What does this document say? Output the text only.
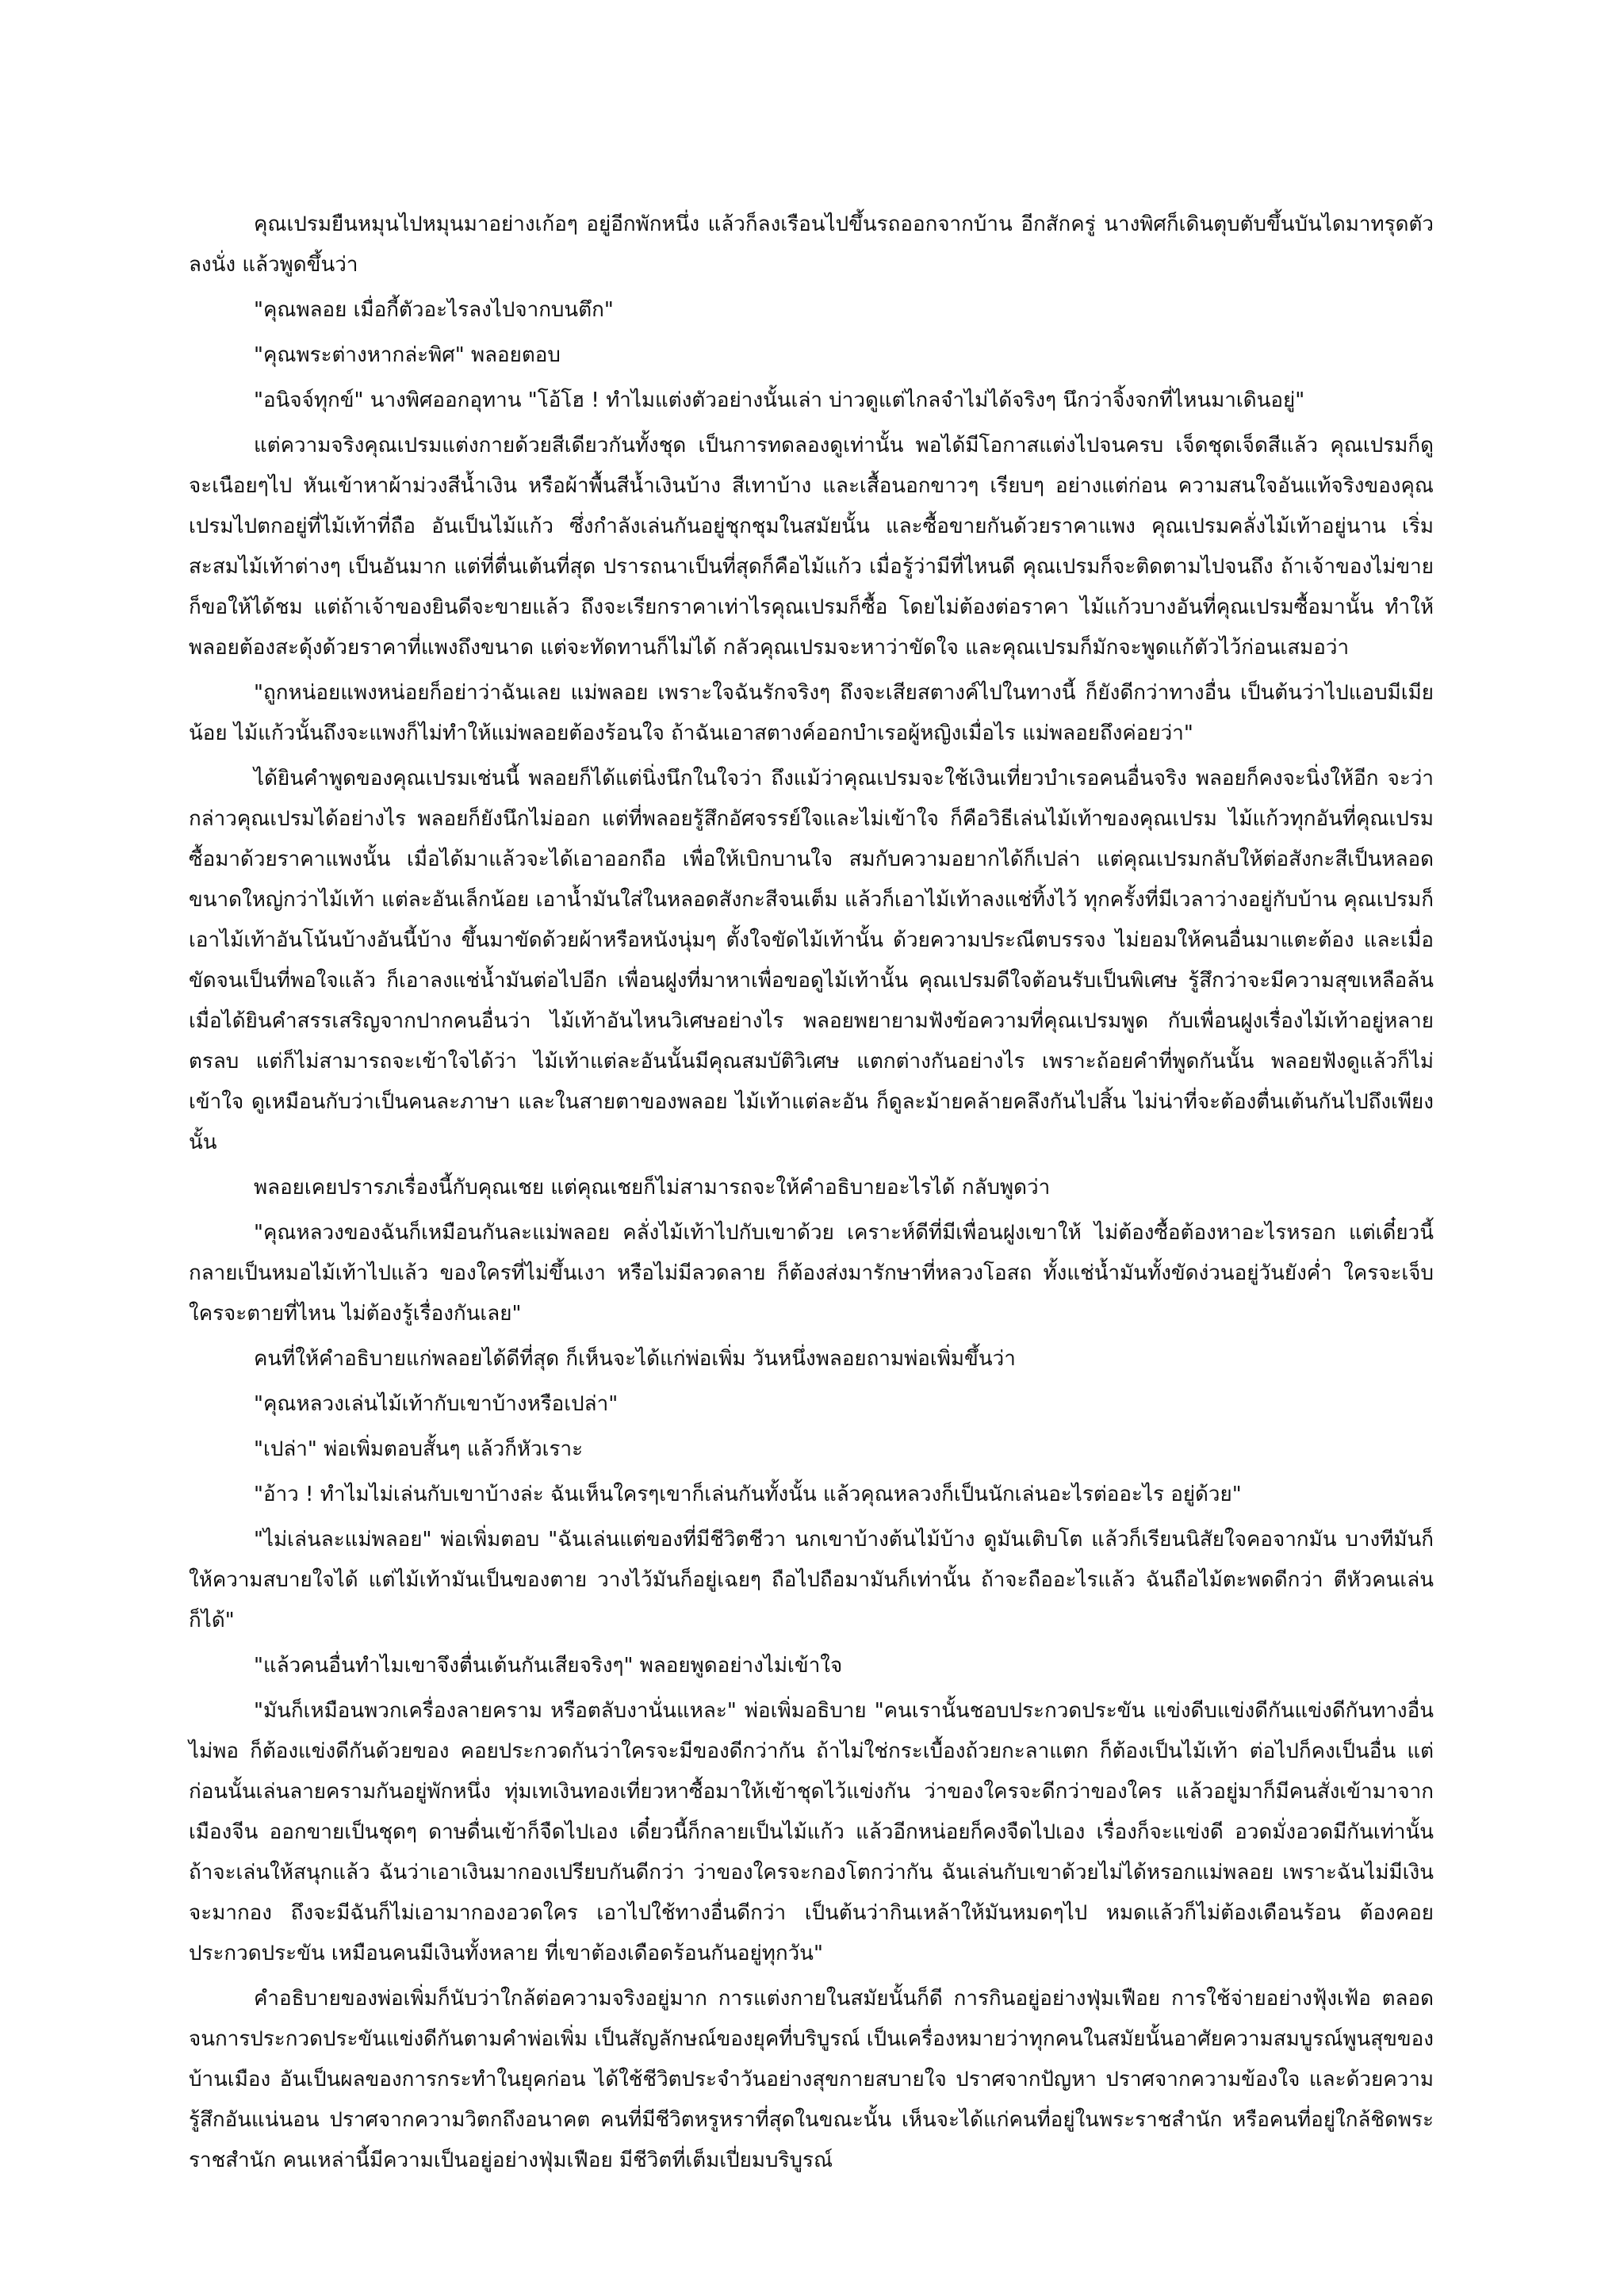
คุณเปรมยืนหมุนไปหมุนมาอย่างเก้อๆ อยู่อีกพักหนึ่ง แล้วก็ลงเรือนไปขึ้นรถออกจากบ้าน อีกสักครู่ นางพิศก็เดินตุบตับขึ้นบันไดมาทรุดตัวลงนั่ง แล้วพูดขึ้นว่า

"คุณพลอย เมื่อกี้ตัวอะไรลงไปจากบนตึก"

"คุณพระต่างหากล่ะพิศ" พลอยตอบ

"อนิจจ์ทุกข์" นางพิศออกอุทาน "โอ้โฮ ! ทำไมแต่งตัวอย่างนั้นเล่า บ่าวดูแต่ไกลจำไม่ได้จริงๆ นึกว่าจิ้งจกที่ไหนมาเดินอยู่"

แต่ความจริงคุณเปรมแต่งกายด้วยสีเดียวกันทั้งชุด เป็นการทดลองดูเท่านั้น พอได้มีโอกาสแต่งไปจนครบ เจ็ดชุดเจ็ดสีแล้ว คุณเปรมก็ดูจะเนือยๆไป หันเข้าหาผ้าม่วงสีน้ำเงิน หรือผ้าพื้นสีน้ำเงินบ้าง สีเทาบ้าง และเสื้อนอกขาวๆ เรียบๆ อย่างแต่ก่อน ความสนใจอันแท้จริงของคุณเปรมไปตกอยู่ที่ไม้เท้าที่ถือ อันเป็นไม้แก้ว ซึ่งกำลังเล่นกันอยู่ชุกชุมในสมัยนั้น และซื้อขายกันด้วยราคาแพง คุณเปรมคลั่งไม้เท้าอยู่นาน เริ่มสะสมไม้เท้าต่างๆ เป็นอันมาก แต่ที่ตื่นเต้นที่สุด ปรารถนาเป็นที่สุดก็คือไม้แก้ว เมื่อรู้ว่ามีที่ไหนดี คุณเปรมก็จะติดตามไปจนถึง ถ้าเจ้าของไม่ขายก็ขอให้ได้ชม แต่ถ้าเจ้าของยินดีจะขายแล้ว ถึงจะเรียกราคาเท่าไรคุณเปรมก็ซื้อ โดยไม่ต้องต่อราคา ไม้แก้วบางอันที่คุณเปรมซื้อมานั้น ทำให้พลอยต้องสะดุ้งด้วยราคาที่แพงถึงขนาด แต่จะทัดทานก็ไม่ได้ กลัวคุณเปรมจะหาว่าขัดใจ และคุณเปรมก็มักจะพูดแก้ตัวไว้ก่อนเสมอว่า

"ถูกหน่อยแพงหน่อยก็อย่าว่าฉันเลย แม่พลอย เพราะใจฉันรักจริงๆ ถึงจะเสียสตางค์ไปในทางนี้ ก็ยังดีกว่าทางอื่น เป็นต้นว่าไปแอบมีเมียน้อย ไม้แก้วนั้นถึงจะแพงก็ไม่ทำให้แม่พลอยต้องร้อนใจ ถ้าฉันเอาสตางค์ออกบำเรอผู้หญิงเมื่อไร แม่พลอยถึงค่อยว่า"

ได้ยินคำพูดของคุณเปรมเช่นนี้ พลอยก็ได้แต่นิ่งนึกในใจว่า ถึงแม้ว่าคุณเปรมจะใช้เงินเที่ยวบำเรอคนอื่นจริง พลอยก็คงจะนิ่งให้อีก จะว่ากล่าวคุณเปรมได้อย่างไร พลอยก็ยังนึกไม่ออก แต่ที่พลอยรู้สึกอัศจรรย์ใจและไม่เข้าใจ ก็คือวิธีเล่นไม้เท้าของคุณเปรม ไม้แก้วทุกอันที่คุณเปรมซื้อมาด้วยราคาแพงนั้น เมื่อได้มาแล้วจะได้เอาออกถือ เพื่อให้เบิกบานใจ สมกับความอยากได้ก็เปล่า แต่คุณเปรมกลับให้ต่อสังกะสีเป็นหลอด ขนาดใหญ่กว่าไม้เท้า แต่ละอันเล็กน้อย เอาน้ำมันใส่ในหลอดสังกะสีจนเต็ม แล้วก็เอาไม้เท้าลงแช่ทิ้งไว้ ทุกครั้งที่มีเวลาว่างอยู่กับบ้าน คุณเปรมก็เอาไม้เท้าอันโน้นบ้างอันนี้บ้าง ขึ้นมาขัดด้วยผ้าหรือหนังนุ่มๆ ตั้งใจขัดไม้เท้านั้น ด้วยความประณีตบรรจง ไม่ยอมให้คนอื่นมาแตะต้อง และเมื่อขัดจนเป็นที่พอใจแล้ว ก็เอาลงแช่น้ำมันต่อไปอีก เพื่อนฝูงที่มาหาเพื่อขอดูไม้เท้านั้น คุณเปรมดีใจต้อนรับเป็นพิเศษ รู้สึกว่าจะมีความสุขเหลือล้น เมื่อได้ยินคำสรรเสริญจากปากคนอื่นว่า ไม้เท้าอันไหนวิเศษอย่างไร พลอยพยายามฟังข้อความที่คุณเปรมพูด กับเพื่อนฝูงเรื่องไม้เท้าอยู่หลายตรลบ แต่ก็ไม่สามารถจะเข้าใจได้ว่า ไม้เท้าแต่ละอันนั้นมีคุณสมบัติวิเศษ แตกต่างกันอย่างไร เพราะถ้อยคำที่พูดกันนั้น พลอยฟังดูแล้วก็ไม่เข้าใจ ดูเหมือนกับว่าเป็นคนละภาษา และในสายตาของพลอย ไม้เท้าแต่ละอัน ก็ดูละม้ายคล้ายคลึงกันไปสิ้น ไม่น่าที่จะต้องตื่นเต้นกันไปถึงเพียงนั้น

พลอยเคยปรารภเรื่องนี้กับคุณเชย แต่คุณเชยก็ไม่สามารถจะให้คำอธิบายอะไรได้ กลับพูดว่า

"คุณหลวงของฉันก็เหมือนกันละแม่พลอย คลั่งไม้เท้าไปกับเขาด้วย เคราะห์ดีที่มีเพื่อนฝูงเขาให้ ไม่ต้องซื้อต้องหาอะไรหรอก แต่เดี๋ยวนี้กลายเป็นหมอไม้เท้าไปแล้ว ของใครที่ไม่ขึ้นเงา หรือไม่มีลวดลาย ก็ต้องส่งมารักษาที่หลวงโอสถ ทั้งแช่น้ำมันทั้งขัดง่วนอยู่วันยังค่ำ ใครจะเจ็บใครจะตายที่ไหน ไม่ต้องรู้เรื่องกันเลย"

คนที่ให้คำอธิบายแก่พลอยได้ดีที่สุด ก็เห็นจะได้แก่พ่อเพิ่ม วันหนึ่งพลอยถามพ่อเพิ่มขึ้นว่า

"คุณหลวงเล่นไม้เท้ากับเขาบ้างหรือเปล่า"

"เปล่า" พ่อเพิ่มตอบสั้นๆ แล้วก็หัวเราะ

"อ้าว ! ทำไมไม่เล่นกับเขาบ้างล่ะ ฉันเห็นใครๆเขาก็เล่นกันทั้งนั้น แล้วคุณหลวงก็เป็นนักเล่นอะไรต่ออะไร อยู่ด้วย"

"ไม่เล่นละแม่พลอย" พ่อเพิ่มตอบ "ฉันเล่นแต่ของที่มีชีวิตชีวา นกเขาบ้างต้นไม้บ้าง ดูมันเติบโต แล้วก็เรียนนิสัยใจคอจากมัน บางทีมันก็ให้ความสบายใจได้ แต่ไม้เท้ามันเป็นของตาย วางไว้มันก็อยู่เฉยๆ ถือไปถือมามันก็เท่านั้น ถ้าจะถืออะไรแล้ว ฉันถือไม้ตะพดดีกว่า ตีหัวคนเล่นก็ได้"

"แล้วคนอื่นทำไมเขาจึงตื่นเต้นกันเสียจริงๆ" พลอยพูดอย่างไม่เข้าใจ

"มันก็เหมือนพวกเครื่องลายคราม หรือตลับงานั่นแหละ" พ่อเพิ่มอธิบาย "คนเรานั้นชอบประกวดประขัน แข่งดีบแข่งดีกันแข่งดีกันทางอื่นไม่พอ ก็ต้องแข่งดีกันด้วยของ คอยประกวดกันว่าใครจะมีของดีกว่ากัน ถ้าไม่ใช่กระเบื้องถ้วยกะลาแตก ก็ต้องเป็นไม้เท้า ต่อไปก็คงเป็นอื่น แต่ก่อนนั้นเล่นลายครามกันอยู่พักหนึ่ง ทุ่มเทเงินทองเที่ยวหาซื้อมาให้เข้าชุดไว้แข่งกัน ว่าของใครจะดีกว่าของใคร แล้วอยู่มาก็มีคนสั่งเข้ามาจากเมืองจีน ออกขายเป็นชุดๆ ดาษดื่นเข้าก็จืดไปเอง เดี๋ยวนี้ก็กลายเป็นไม้แก้ว แล้วอีกหน่อยก็คงจืดไปเอง เรื่องก็จะแข่งดี อวดมั่งอวดมีกันเท่านั้น ถ้าจะเล่นให้สนุกแล้ว ฉันว่าเอาเงินมากองเปรียบกันดีกว่า ว่าของใครจะกองโตกว่ากัน ฉันเล่นกับเขาด้วยไม่ได้หรอกแม่พลอย เพราะฉันไม่มีเงินจะมากอง ถึงจะมีฉันก็ไม่เอามากองอวดใคร เอาไปใช้ทางอื่นดีกว่า เป็นต้นว่ากินเหล้าให้มันหมดๆไป หมดแล้วก็ไม่ต้องเดือนร้อน ต้องคอยประกวดประขัน เหมือนคนมีเงินทั้งหลาย ที่เขาต้องเดือดร้อนกันอยู่ทุกวัน"

คำอธิบายของพ่อเพิ่มก็นับว่าใกล้ต่อความจริงอยู่มาก การแต่งกายในสมัยนั้นก็ดี การกินอยู่อย่างฟุ่มเฟือย การใช้จ่ายอย่างฟุ้งเฟ้อ ตลอดจนการประกวดประขันแข่งดีกันตามคำพ่อเพิ่ม เป็นสัญลักษณ์ของยุคที่บริบูรณ์ เป็นเครื่องหมายว่าทุกคนในสมัยนั้นอาศัยความสมบูรณ์พูนสุขของบ้านเมือง อันเป็นผลของการกระทำในยุคก่อน ได้ใช้ชีวิตประจำวันอย่างสุขกายสบายใจ ปราศจากปัญหา ปราศจากความข้องใจ และด้วยความรู้สึกอันแน่นอน ปราศจากความวิตกถึงอนาคต คนที่มีชีวิตหรูหราที่สุดในขณะนั้น เห็นจะได้แก่คนที่อยู่ในพระราชสำนัก หรือคนที่อยู่ใกล้ชิดพระราชสำนัก คนเหล่านี้มีความเป็นอยู่อย่างฟุ่มเฟือย มีชีวิตที่เต็มเปี่ยมบริบูรณ์
